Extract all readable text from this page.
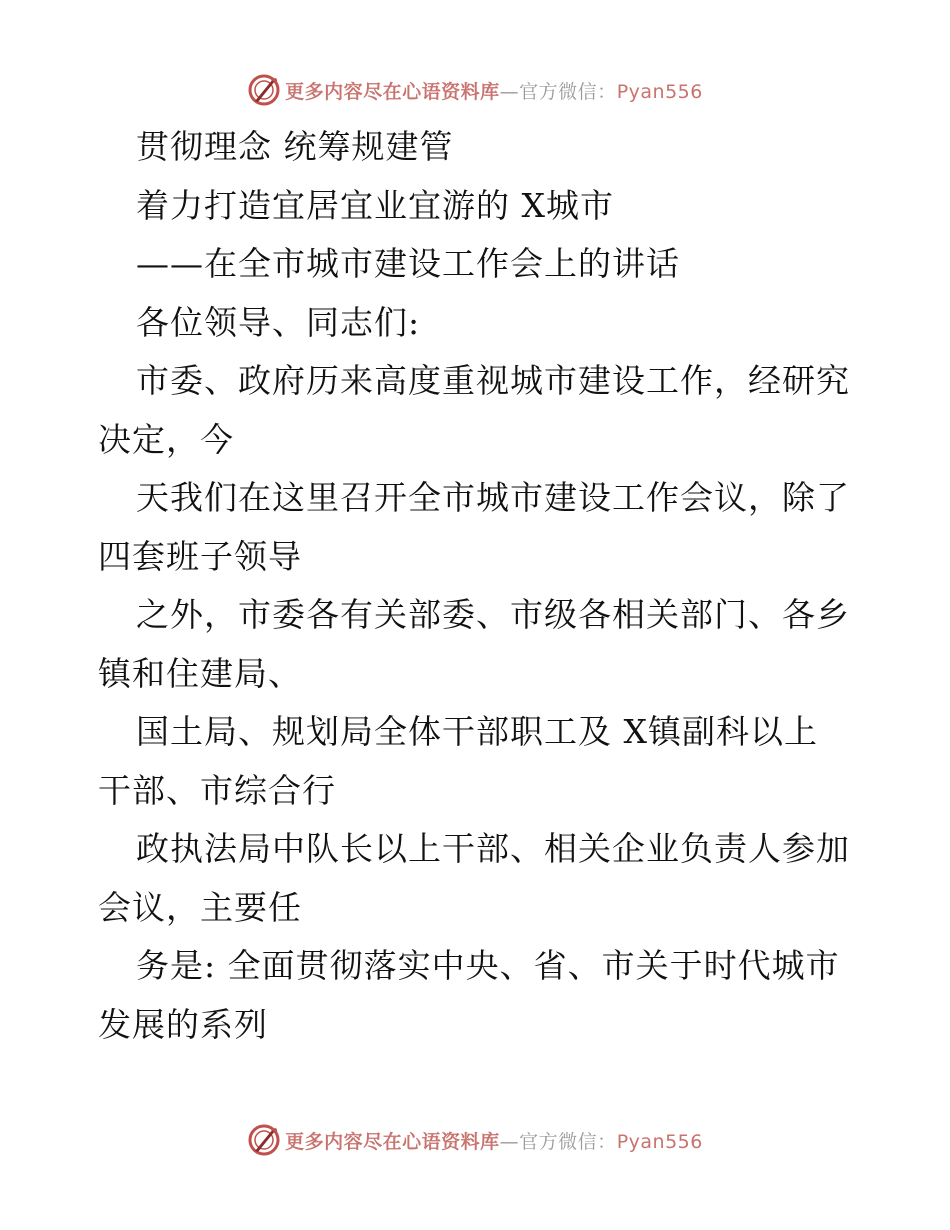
更多内容尽在心语资料库—官方微信：Pyan556
贯彻理念 统筹规建管
着力打造宜居宜业宜游的 X城市
——在全市城市建设工作会上的讲话
各位领导、同志们:
市委、政府历来高度重视城市建设工作，经研究
决定，今
天我们在这里召开全市城市建设工作会议，除了
四套班子领导
之外，市委各有关部委、市级各相关部门、各乡
镇和住建局、
国土局、规划局全体干部职工及 X镇副科以上
干部、市综合行
政执法局中队长以上干部、相关企业负责人参加
会议，主要任
务是: 全面贯彻落实中央、省、市关于时代城市
发展的系列
更多内容尽在心语资料库—官方微信：Pyan556
